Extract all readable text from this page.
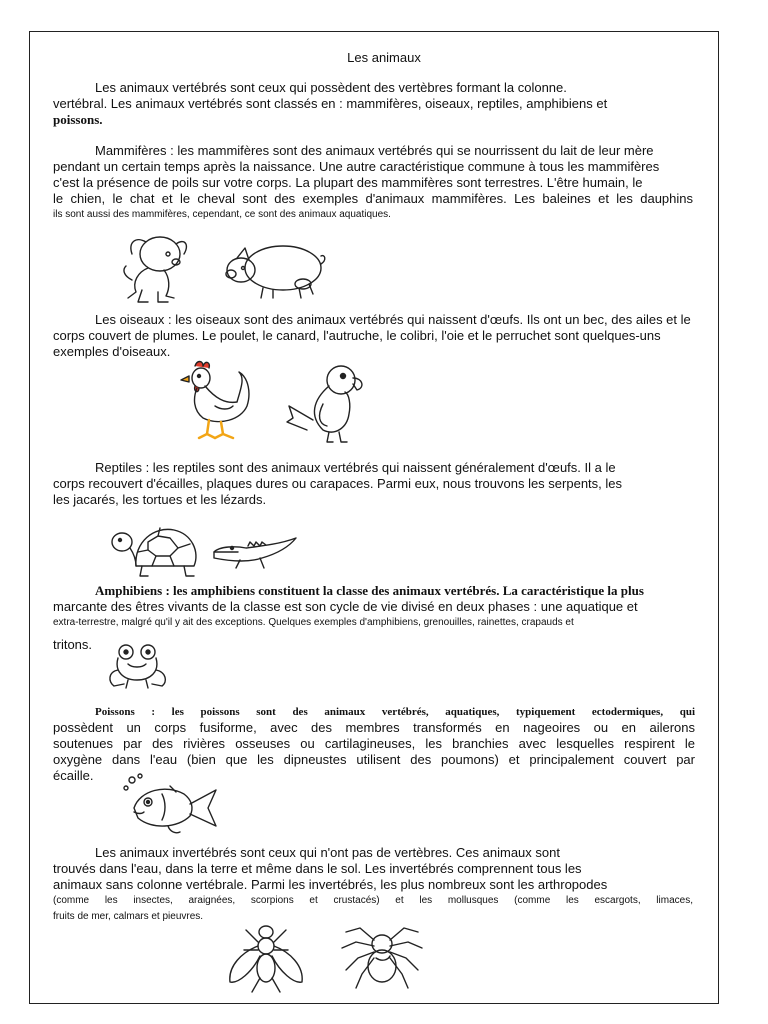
Les animaux
Les animaux vertébrés sont ceux qui possèdent des vertèbres formant la colonne.
vertébral. Les animaux vertébrés sont classés en : mammifères, oiseaux, reptiles, amphibiens et
poissons.
Mammifères : les mammifères sont des animaux vertébrés qui se nourrissent du lait de leur mère
pendant un certain temps après la naissance. Une autre caractéristique commune à tous les mammifères
c'est la présence de poils sur votre corps. La plupart des mammifères sont terrestres. L'être humain, le
le chien, le chat et le cheval sont des exemples d'animaux mammifères. Les baleines et les dauphins
ils sont aussi des mammifères, cependant, ce sont des animaux aquatiques.
Les oiseaux : les oiseaux sont des animaux vertébrés qui naissent d'œufs. Ils ont un bec, des ailes et le
corps couvert de plumes. Le poulet, le canard, l'autruche, le colibri, l'oie et le perruchet sont quelques-uns
exemples d'oiseaux.
Reptiles : les reptiles sont des animaux vertébrés qui naissent généralement d'œufs. Il a le
corps recouvert d'écailles, plaques dures ou carapaces. Parmi eux, nous trouvons les serpents, les
les jacarés, les tortues et les lézards.
Amphibiens : les amphibiens constituent la classe des animaux vertébrés. La caractéristique la plus
marcante des êtres vivants de la classe est son cycle de vie divisé en deux phases : une aquatique et
extra-terrestre, malgré qu'il y ait des exceptions. Quelques exemples d'amphibiens, grenouilles, rainettes, crapauds et
tritons.
Poissons : les poissons sont des animaux vertébrés, aquatiques, typiquement ectodermiques, qui
possèdent un corps fusiforme, avec des membres transformés en nageoires ou en ailerons
soutenues par des rivières osseuses ou cartilagineuses, les branchies avec lesquelles respirent le
oxygène dans l'eau (bien que les dipneustes utilisent des poumons) et principalement couvert par
écaille.
Les animaux invertébrés sont ceux qui n'ont pas de vertèbres. Ces animaux sont
trouvés dans l'eau, dans la terre et même dans le sol. Les invertébrés comprennent tous les
animaux sans colonne vertébrale. Parmi les invertébrés, les plus nombreux sont les arthropodes
(comme les insectes, araignées, scorpions et crustacés) et les mollusques (comme les escargots, limaces,
fruits de mer, calmars et pieuvres.
